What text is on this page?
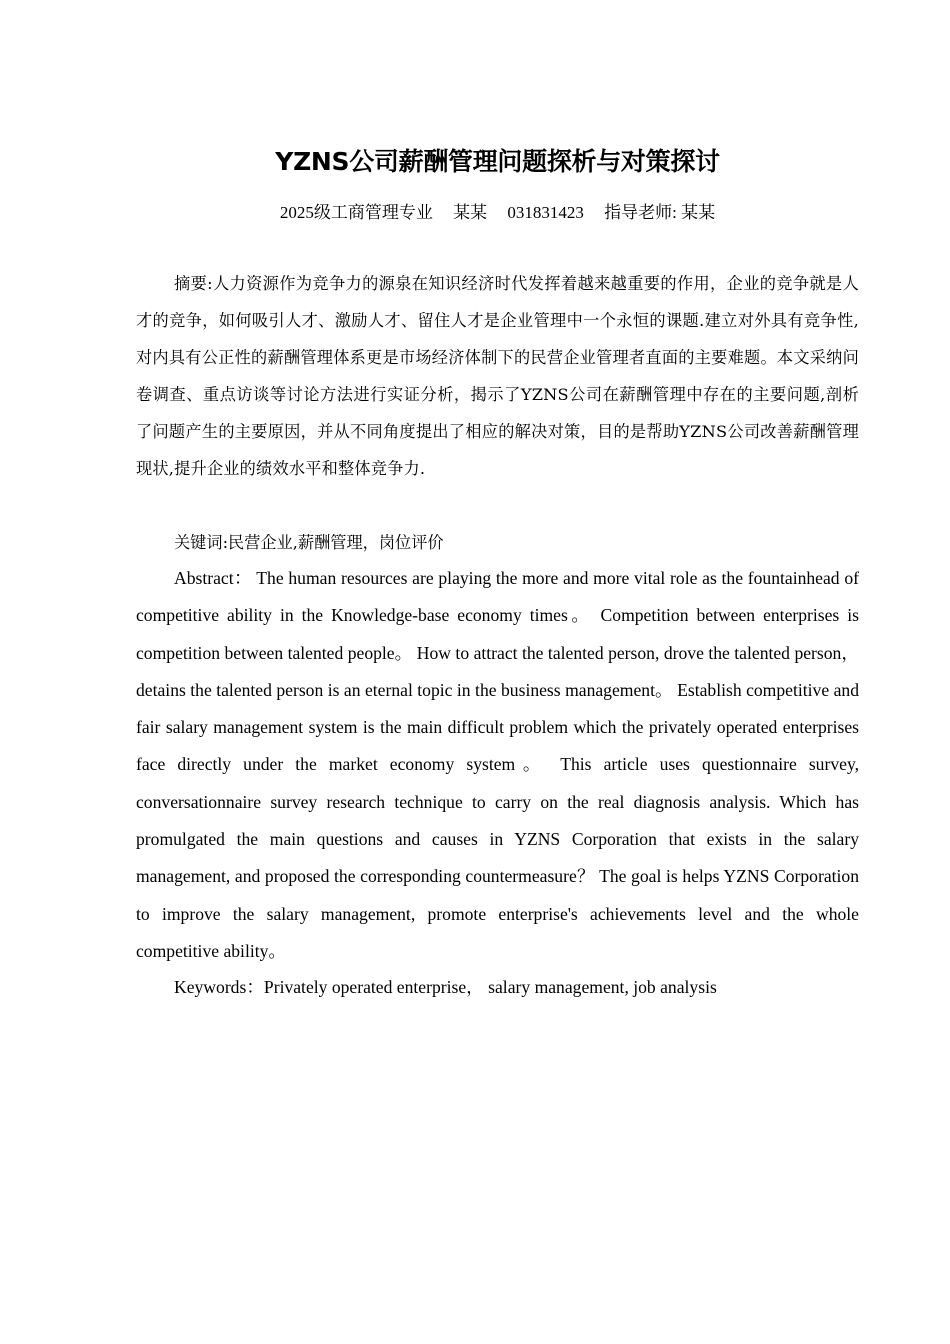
YZNS公司薪酬管理问题探析与对策探讨
2025级工商管理专业 某某 031831423 指导老师: 某某
摘要:人力资源作为竞争力的源泉在知识经济时代发挥着越来越重要的作用，企业的竞争就是人才的竞争，如何吸引人才、激励人才、留住人才是企业管理中一个永恒的课题.建立对外具有竞争性,对内具有公正性的薪酬管理体系更是市场经济体制下的民营企业管理者直面的主要难题。本文采纳问卷调查、重点访谈等讨论方法进行实证分析，揭示了YZNS公司在薪酬管理中存在的主要问题,剖析了问题产生的主要原因，并从不同角度提出了相应的解决对策，目的是帮助YZNS公司改善薪酬管理现状,提升企业的绩效水平和整体竞争力.
关键词:民营企业,薪酬管理，岗位评价
Abstract： The human resources are playing the more and more vital role as the fountainhead of competitive ability in the Knowledge-base economy times。 Competition between enterprises is competition between talented people。 How to attract the talented person, drove the talented person， detains the talented person is an eternal topic in the business management。 Establish competitive and fair salary management system is the main difficult problem which the privately operated enterprises face directly under the market economy system。 This article uses questionnaire survey, conversationnaire survey research technique to carry on the real diagnosis analysis. Which has promulgated the main questions and causes in YZNS Corporation that exists in the salary management, and proposed the corresponding countermeasure？ The goal is helps YZNS Corporation to improve the salary management, promote enterprise's achievements level and the whole competitive ability。
Keywords：Privately operated enterprise， salary management, job analysis
